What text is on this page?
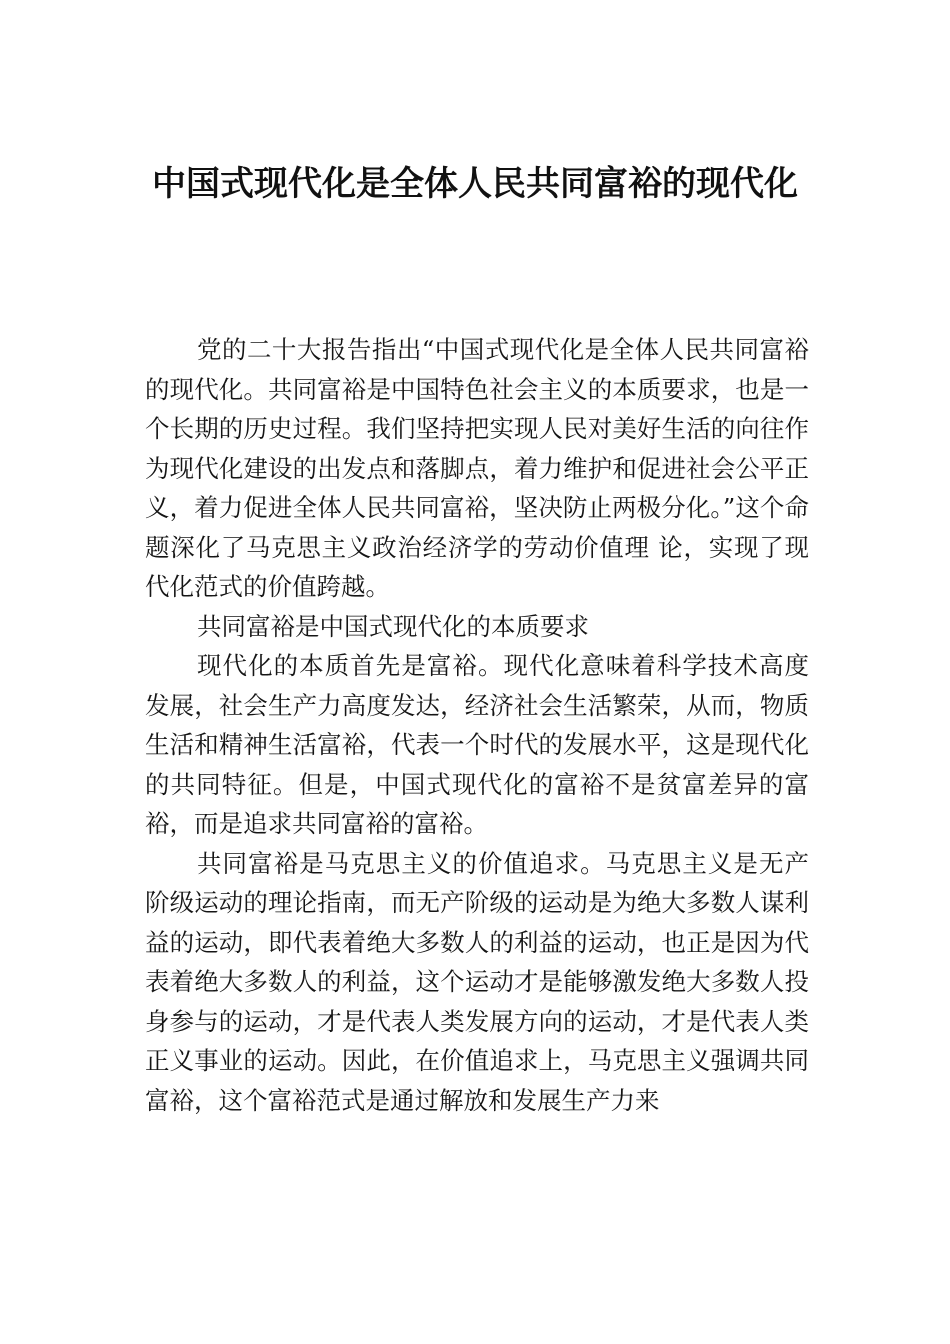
中国式现代化是全体人民共同富裕的现代化

党的二十大报告指出“中国式现代化是全体人民共同富裕的现代化。共同富裕是中国特色社会主义的本质要求，也是一个长期的历史过程。我们坚持把实现人民对美好生活的向往作为现代化建设的出发点和落脚点，着力维护和促进社会公平正义，着力促进全体人民共同富裕，坚决防止两极分化。”这个命题深化了马克思主义政治经济学的劳动价值理 论，实现了现代化范式的价值跨越。

共同富裕是中国式现代化的本质要求

现代化的本质首先是富裕。现代化意味着科学技术高度发展，社会生产力高度发达，经济社会生活繁荣，从而，物质生活和精神生活富裕，代表一个时代的发展水平，这是现代化的共同特征。但是，中国式现代化的富裕不是贫富差异的富裕，而是追求共同富裕的富裕。

共同富裕是马克思主义的价值追求。马克思主义是无产阶级运动的理论指南，而无产阶级的运动是为绝大多数人谋利益的运动，即代表着绝大多数人的利益的运动，也正是因为代表着绝大多数人的利益，这个运动才是能够激发绝大多数人投身参与的运动，才是代表人类发展方向的运动，才是代表人类正义事业的运动。因此，在价值追求上，马克思主义强调共同富裕，这个富裕范式是通过解放和发展生产力来
